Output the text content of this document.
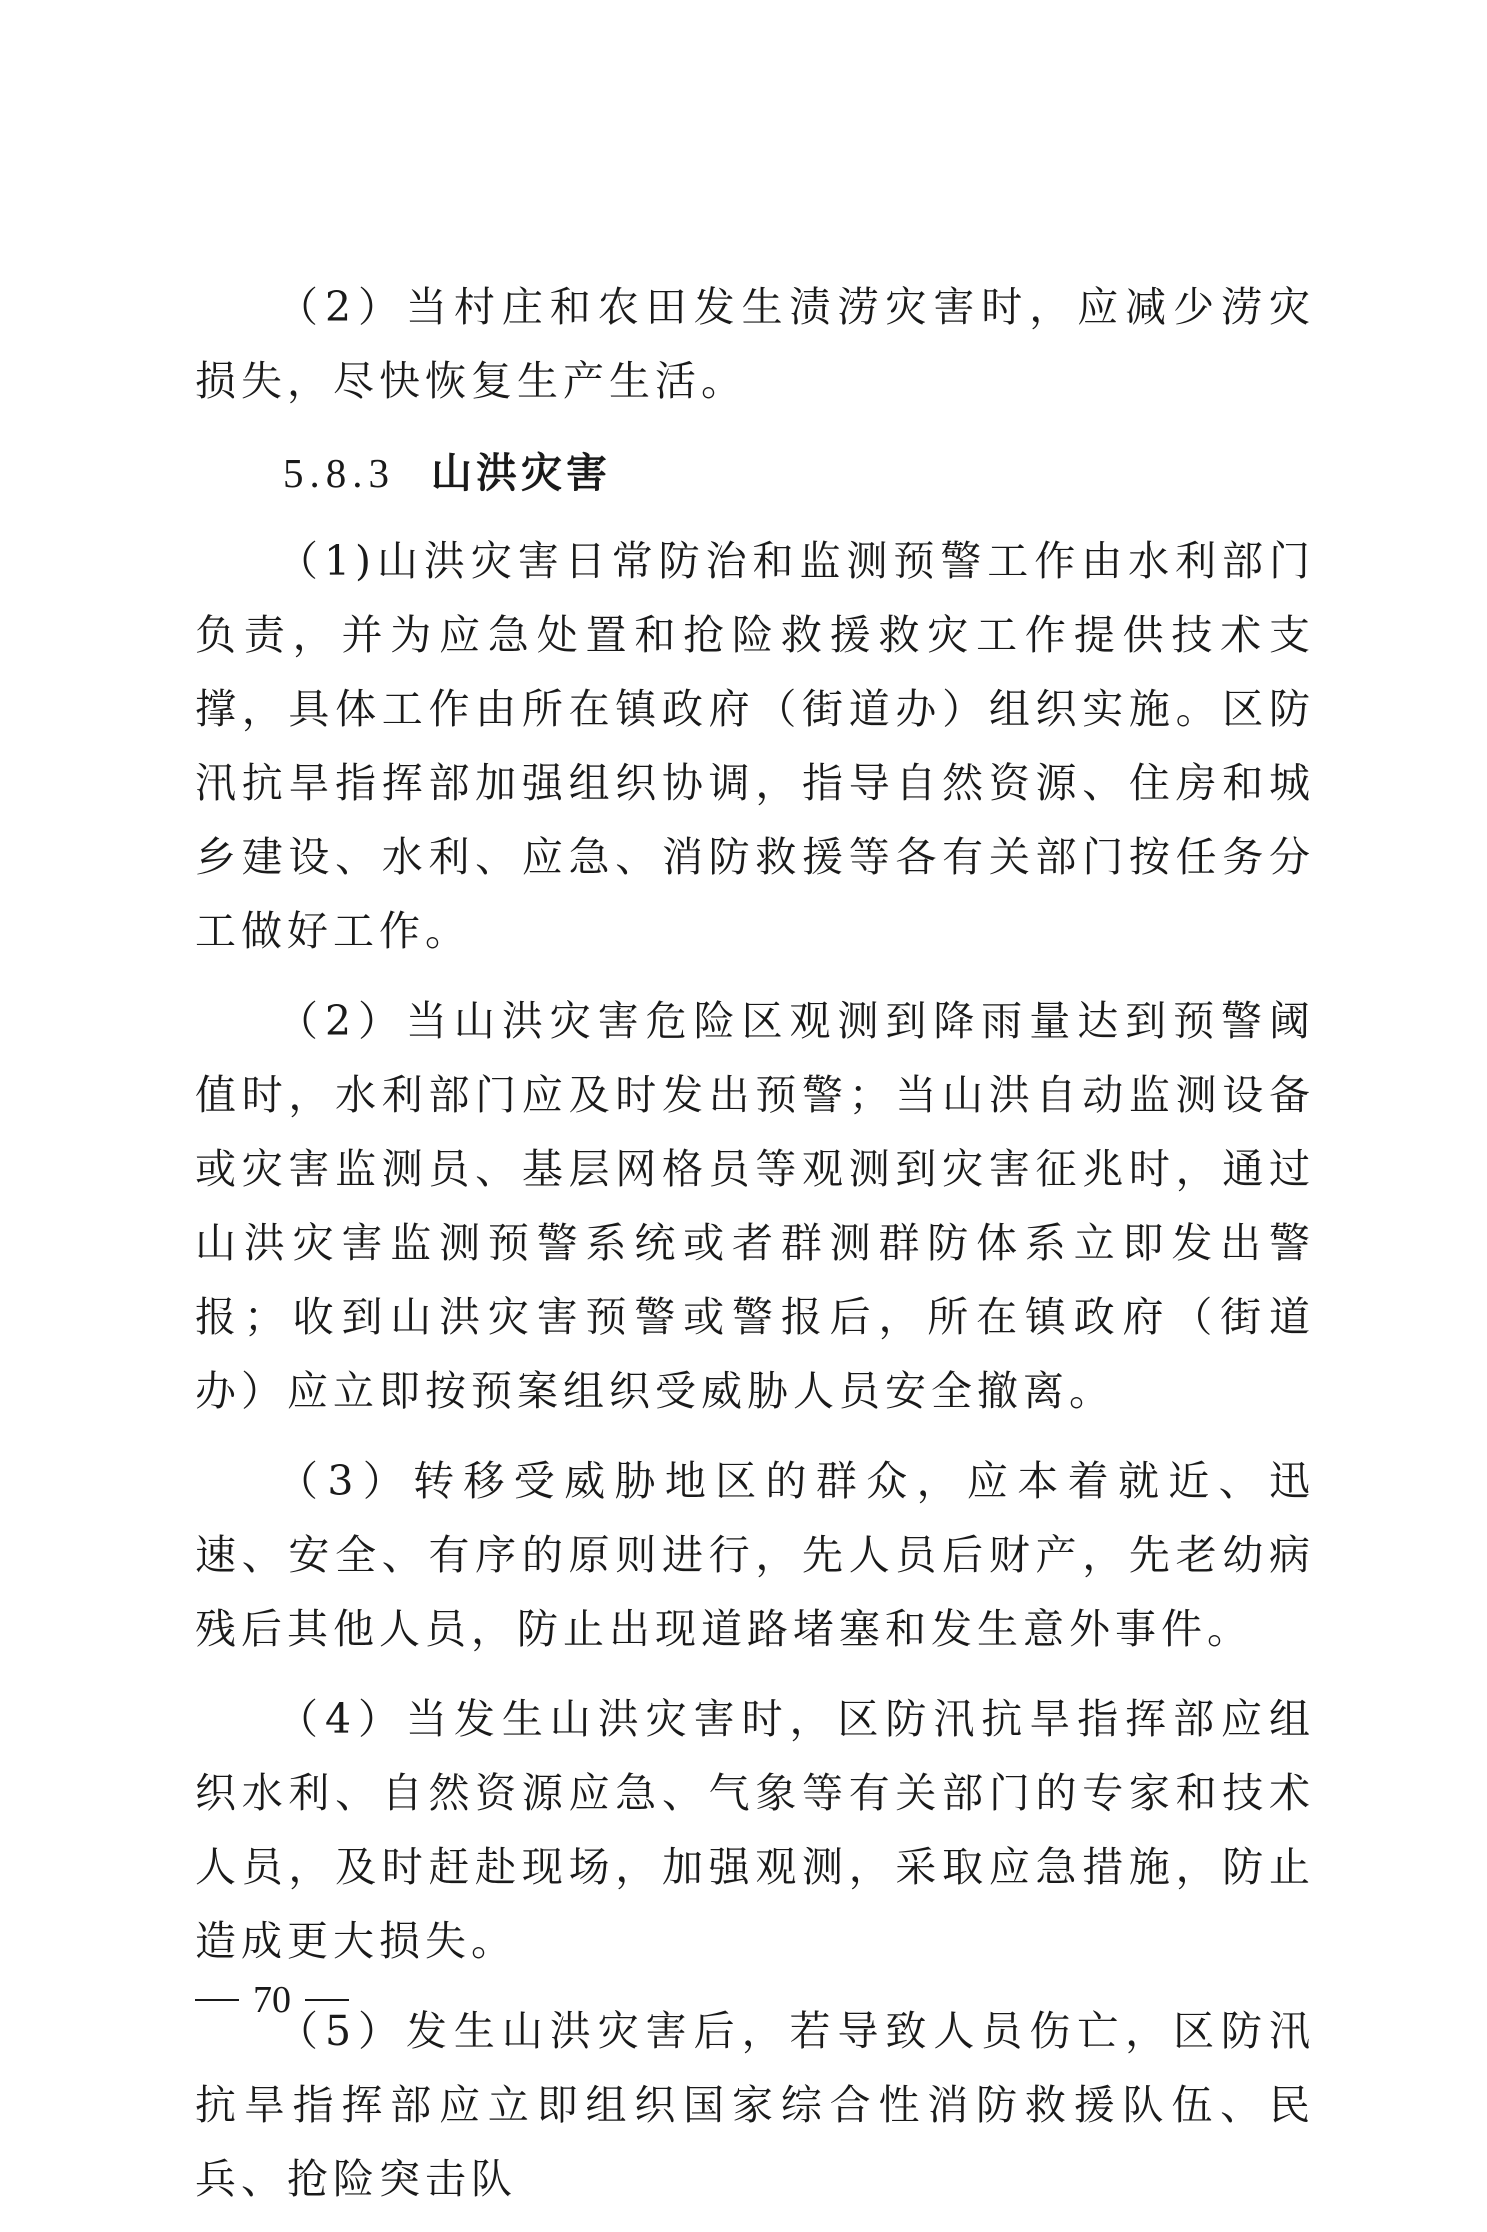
（2）当村庄和农田发生渍涝灾害时，应减少涝灾损失，尽快恢复生产生活。

5.8.3 山洪灾害

（1)山洪灾害日常防治和监测预警工作由水利部门负责，并为应急处置和抢险救援救灾工作提供技术支撑，具体工作由所在镇政府（街道办）组织实施。区防汛抗旱指挥部加强组织协调，指导自然资源、住房和城乡建设、水利、应急、消防救援等各有关部门按任务分工做好工作。

（2）当山洪灾害危险区观测到降雨量达到预警阈值时，水利部门应及时发出预警；当山洪自动监测设备或灾害监测员、基层网格员等观测到灾害征兆时，通过山洪灾害监测预警系统或者群测群防体系立即发出警报；收到山洪灾害预警或警报后，所在镇政府（街道办）应立即按预案组织受威胁人员安全撤离。

（3）转移受威胁地区的群众，应本着就近、迅速、安全、有序的原则进行，先人员后财产，先老幼病残后其他人员，防止出现道路堵塞和发生意外事件。

（4）当发生山洪灾害时，区防汛抗旱指挥部应组织水利、自然资源应急、气象等有关部门的专家和技术人员，及时赶赴现场，加强观测，采取应急措施，防止造成更大损失。

（5）发生山洪灾害后，若导致人员伤亡，区防汛抗旱指挥部应立即组织国家综合性消防救援队伍、民兵、抢险突击队

70
